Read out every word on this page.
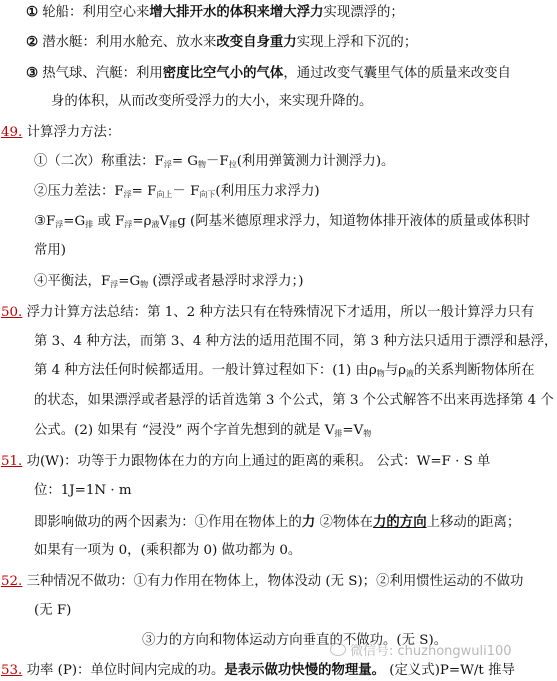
① 轮船：利用空心来增大排开水的体积来增大浮力实现漂浮的；
② 潜水艇：利用水舱充、放水来改变自身重力实现上浮和下沉的；
③ 热气球、汽艇：利用密度比空气小的气体，通过改变气囊里气体的质量来改变自
身的体积，从而改变所受浮力的大小，来实现升降的。
49. 计算浮力方法：
①（二次）称重法：$F_浮= G_物-F_拉$(利用弹簧测力计测浮力)。
②压力差法：$F_浮= F_{向上}- F_{向下}$(利用压力求浮力)
$③F_浮=G_排$ 或 $F_浮=\rho_液V_排g$ (阿基米德原理求浮力，知道物体排开液体的质量或体积时
常用)
④平衡法，$F_浮=G_物$ (漂浮或者悬浮时求浮力；)
50. 浮力计算方法总结：第 1、2 种方法只有在特殊情况下才适用，所以一般计算浮力只有
第 3、4 种方法，而第 3、4 种方法的适用范围不同，第 3 种方法只适用于漂浮和悬浮，
第 4 种方法任何时候都适用。一般计算过程如下：(1) 由$\rho_物$与$\rho_液$的关系判断物体所在
的状态，如果漂浮或者悬浮的话首选第 3 个公式，第 3 个公式解答不出来再选择第 4 个
公式。(2) 如果有 “浸没” 两个字首先想到的就是 $V_排=V_物$
51. 功(W)：功等于力跟物体在力的方向上通过的距离的乘积。 公式：W=F · S 单
位：1J=1N · m
即影响做功的两个因素为：①作用在物体上的力 ②物体在力的方向上移动的距离；
如果有一项为 0，(乘积都为 0) 做功都为 0。
52. 三种情况不做功：①有力作用在物体上，物体没动 (无 S)；②利用惯性运动的不做功
(无 F)
③力的方向和物体运动方向垂直的不做功。(无 S)。
53. 功率 (P)：单位时间内完成的功。是表示做功快慢的物理量。 (定义式)P=W/t 推导
微信号: chuzhongwuli100
